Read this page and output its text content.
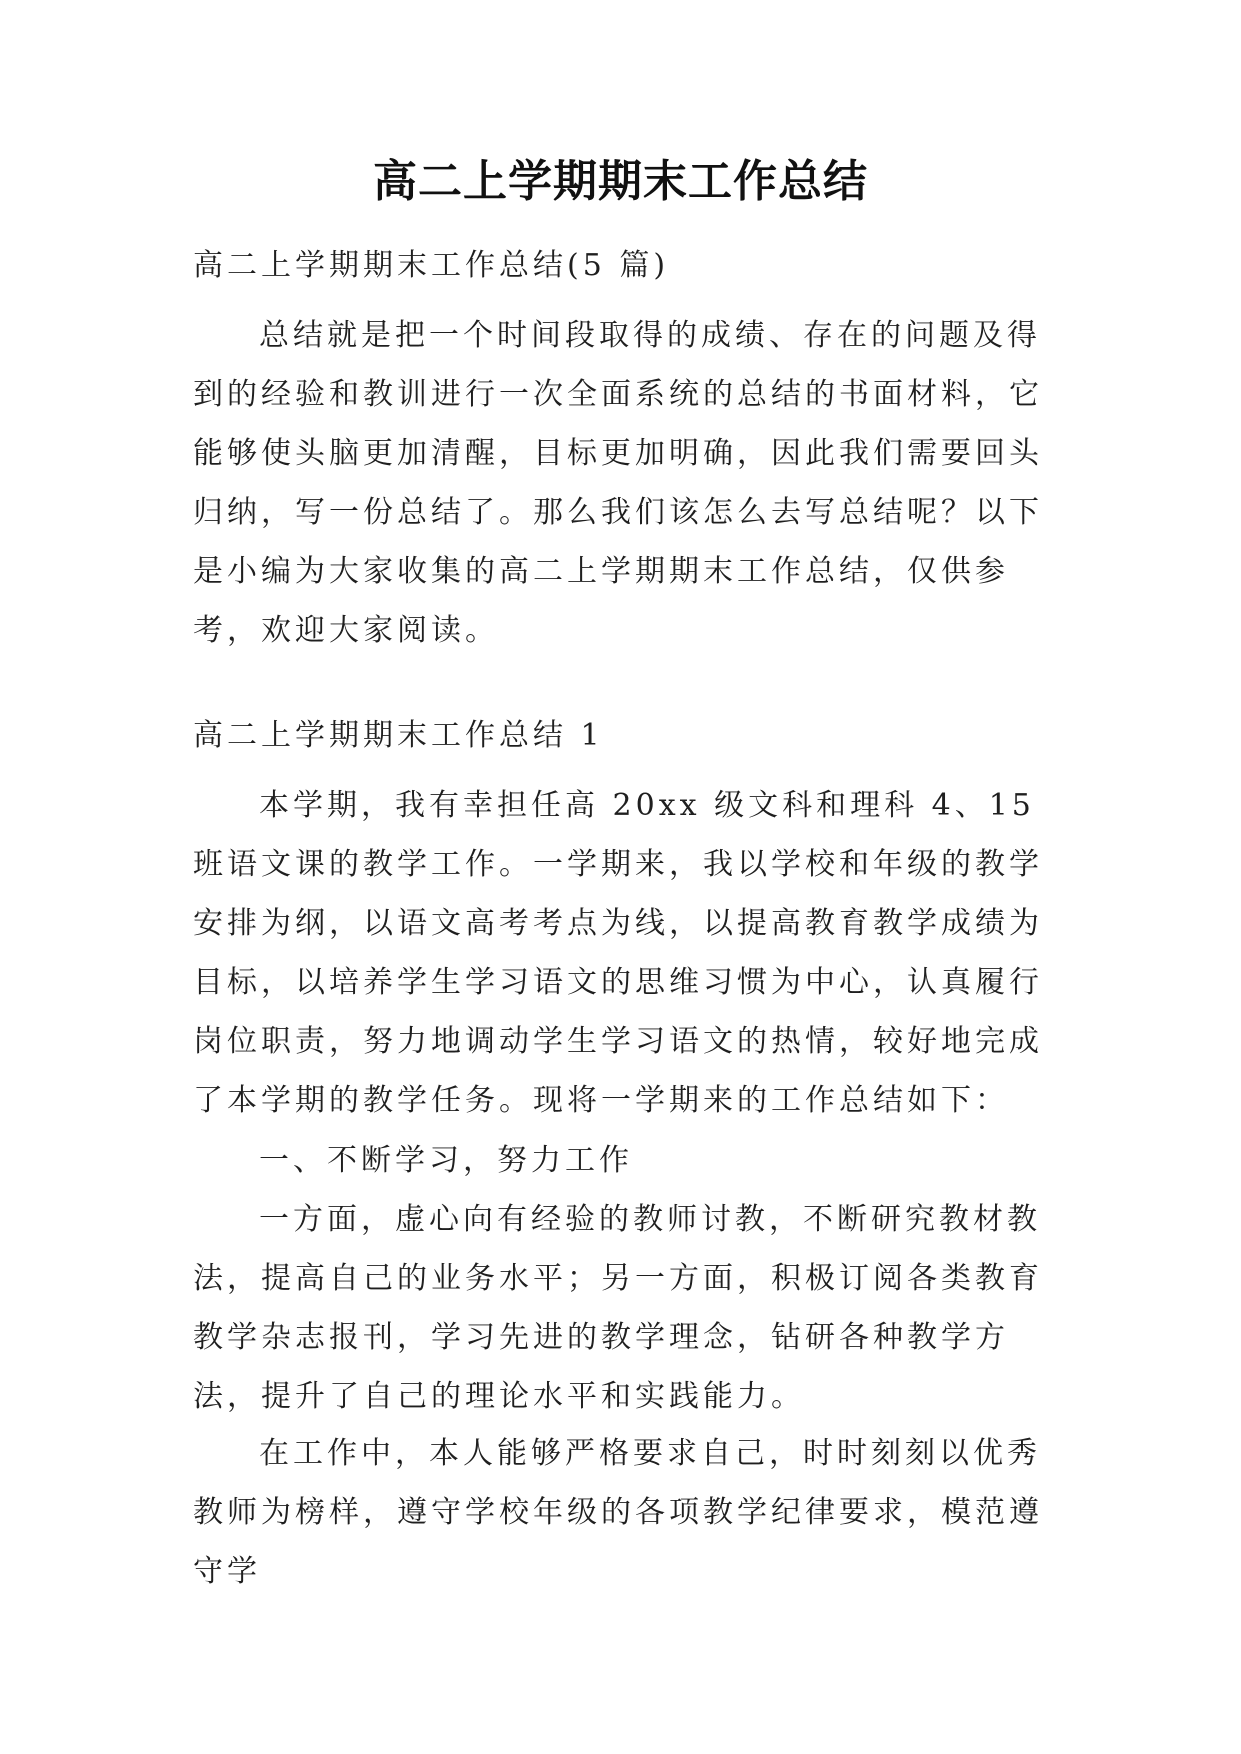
高二上学期期末工作总结

高二上学期期末工作总结(5 篇)

总结就是把一个时间段取得的成绩、存在的问题及得到的经验和教训进行一次全面系统的总结的书面材料，它能够使头脑更加清醒，目标更加明确，因此我们需要回头归纳，写一份总结了。那么我们该怎么去写总结呢？以下是小编为大家收集的高二上学期期末工作总结，仅供参考，欢迎大家阅读。

高二上学期期末工作总结 1

本学期，我有幸担任高 20xx 级文科和理科 4、15 班语文课的教学工作。一学期来，我以学校和年级的教学安排为纲，以语文高考考点为线，以提高教育教学成绩为目标，以培养学生学习语文的思维习惯为中心，认真履行岗位职责，努力地调动学生学习语文的热情，较好地完成了本学期的教学任务。现将一学期来的工作总结如下：

一、不断学习，努力工作

一方面，虚心向有经验的教师讨教，不断研究教材教法，提高自己的业务水平；另一方面，积极订阅各类教育教学杂志报刊，学习先进的教学理念，钻研各种教学方法，提升了自己的理论水平和实践能力。

在工作中，本人能够严格要求自己，时时刻刻以优秀教师为榜样，遵守学校年级的各项教学纪律要求，模范遵守学
